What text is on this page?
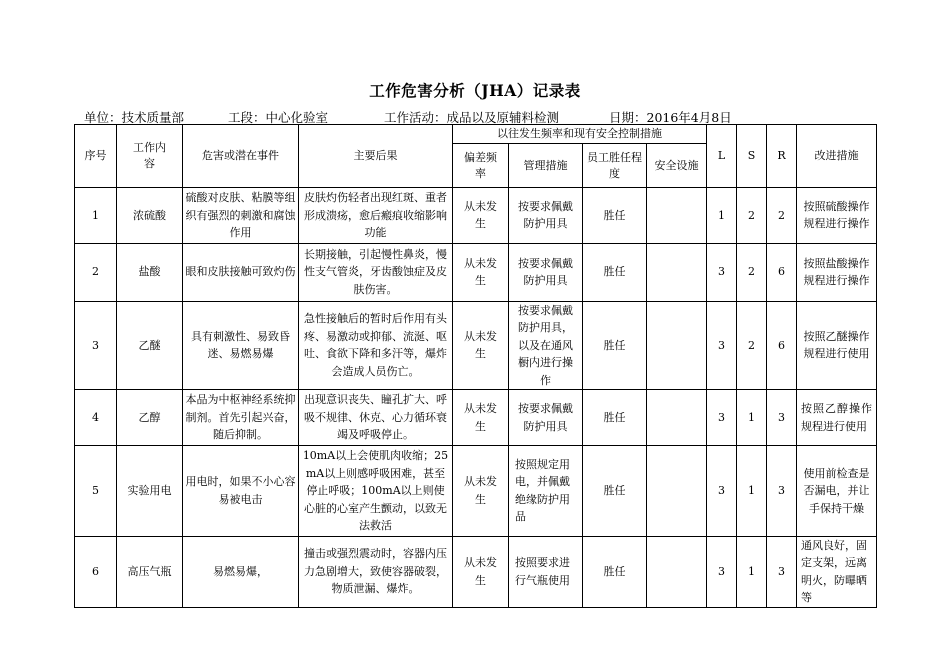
工作危害分析（JHA）记录表
单位：技术质量部	工段：中心化验室	工作活动：成品以及原辅料检测	日期：2016年4月8日
序号	工作内容	危害或潜在事件	主要后果	以往发生频率和现有安全控制措施				L	S	R	改进措施
				偏差频率	管理措施	员工胜任程度	安全设施				
1	浓硫酸	硫酸对皮肤、粘膜等组织有强烈的刺激和腐蚀作用	皮肤灼伤轻者出现红斑、重者形成溃疡，愈后瘢痕收缩影响功能	从未发生	按要求佩戴防护用具	胜任		1	2	2	按照硫酸操作规程进行操作
2	盐酸	眼和皮肤接触可致灼伤	长期接触，引起慢性鼻炎，慢性支气管炎，牙齿酸蚀症及皮肤伤害。	从未发生	按要求佩戴防护用具	胜任		3	2	6	按照盐酸操作规程进行操作
3	乙醚	具有刺激性、易致昏迷、易燃易爆	急性接触后的暂时后作用有头疼、易激动或抑郁、流涎、呕吐、食欲下降和多汗等，爆炸会造成人员伤亡。	从未发生	按要求佩戴防护用具，以及在通风橱内进行操作	胜任		3	2	6	按照乙醚操作规程进行使用
4	乙醇	本品为中枢神经系统抑制剂。首先引起兴奋，随后抑制。	出现意识丧失、瞳孔扩大、呼吸不规律、休克、心力循环衰竭及呼吸停止。	从未发生	按要求佩戴防护用具	胜任		3	1	3	按照乙醇操作规程进行使用
5	实验用电	用电时，如果不小心容易被电击	10mA以上会使肌肉收缩；25mA以上则感呼吸困难，甚至停止呼吸；100mA以上则使心脏的心室产生颤动，以致无法救活	从未发生	按照规定用电，并佩戴绝缘防护用品	胜任		3	1	3	使用前检查是否漏电，并让手保持干燥
6	高压气瓶	易燃易爆，	撞击或强烈震动时，容器内压力急剧增大，致使容器破裂，物质泄漏、爆炸。	从未发生	按照要求进行气瓶使用	胜任		3	1	3	通风良好，固定支架，远离明火，防曝晒等
